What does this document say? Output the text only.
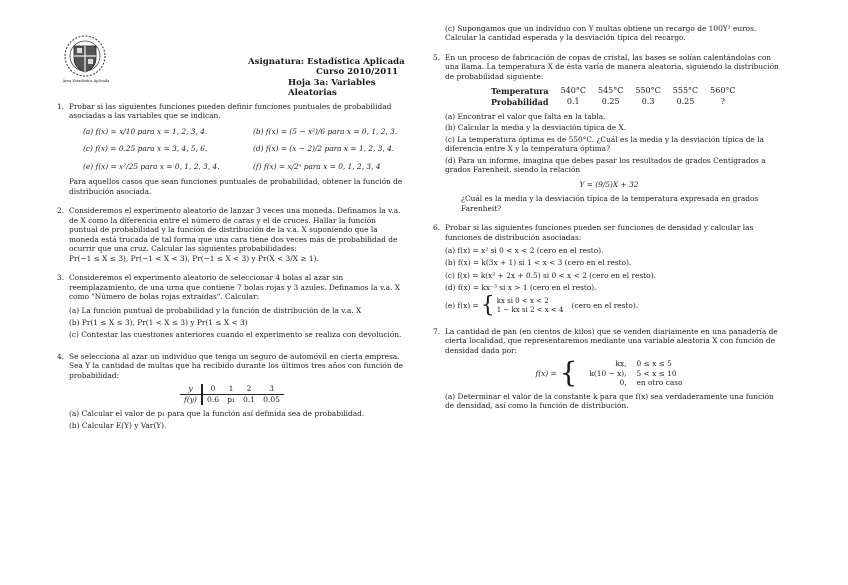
Área Estadística Aplicada

Asignatura: Estadística Aplicada

Curso 2010/2011

Hoja 3a: Variables Aleatorias

1. Probar si las siguientes funciones pueden definir funciones puntuales de probabilidad asociadas a las variables que se indican.

(a) f(x) = x/10 para x = 1, 2, 3, 4.	(b) f(x) = (5 − x²)/6 para x = 0, 1, 2, 3.
(c) f(x) = 0.25 para x = 3, 4, 5, 6.	(d) f(x) = (x − 2)/2 para x = 1, 2, 3, 4.
(e) f(x) = x²/25 para x = 0, 1, 2, 3, 4.	(f) f(x) = x/2ˣ para x = 0, 1, 2, 3, 4

Para aquellos casos que sean funciones puntuales de probabilidad, obtener la función de distribución asociada.

2. Consideremos el experimento aleatorio de lanzar 3 veces una moneda. Definamos la v.a. de X como la diferencia entre el número de caras y el de cruces. Hallar la función puntual de probabilidad y la función de distribución de la v.a. X suponiendo que la moneda está trucada de tal forma que una cara tiene dos veces más de probabilidad de ocurrir que una cruz. Calcular las siguientes probabilidades:

Pr(−1 ≤ X ≤ 3), Pr(−1 < X < 3), Pr(−1 ≤ X < 3) y Pr(X < 3/X ≥ 1).

3. Consideremos el experimento aleatorio de seleccionar 4 bolas al azar sin reemplazamiento, de una urna que contiene 7 bolas rojas y 3 azules. Definamos la v.a. X como "Número de bolas rojas extraídas". Calcular:

(a) La función puntual de probabilidad y la función de distribución de la v.a. X

(b) Pr(1 ≤ X ≤ 3), Pr(1 < X ≤ 3) y Pr(1 ≤ X < 3)

(c) Contestar las cuestiones anteriores cuando el experimento se realiza con devolución.

4. Se selecciona al azar un individuo que tenga un seguro de automóvil en cierta empresa. Sea Y la cantidad de multas que ha recibido durante los últimos tres años con función de probabilidad:

y	0	1	2	3
f(y)	0.6	p₁	0.1	0.05

(a) Calcular el valor de p₁ para que la función así definida sea de probabilidad.

(b) Calcular E(Y) y Var(Y).

(c) Supongamos que un individuo con Y multas obtiene un recargo de 100Y² euros. Calcular la cantidad esperada y la desviación típica del recargo.

5. En un proceso de fabricación de copas de cristal, las bases se solían calentándolas con una llama. La temperatura X de ésta varía de manera aleatoria, siguiendo la distribución de probabilidad siguiente:

Temperatura	540°C	545°C	550°C	555°C	560°C
Probabilidad	0.1	0.25	0.3	0.25	?

(a) Encontrar el valor que falta en la tabla.

(b) Calcular la media y la desviación típica de X.

(c) La temperatura óptima es de 550°C. ¿Cuál es la media y la desviación típica de la diferencia entre X y la temperatura óptima?

(d) Para un informe, imagina que debes pasar los resultados de grados Centígrados a grados Farenheit, siendo la relación

Y = (9/5)X + 32

¿Cuál es la media y la desviación típica de la temperatura expresada en grados Farenheit?

6. Probar si las siguientes funciones pueden ser funciones de densidad y calcular las funciones de distribución asociadas:

(a) f(x) = x² si 0 < x < 2 (cero en el resto).

(b) f(x) = k(3x + 1) si 1 < x < 3 (cero en el resto).

(c) f(x) = k(x² + 2x + 0.5) si 0 < x < 2 (cero en el resto).

(d) f(x) = kx⁻³ si x > 1 (cero en el resto).

(e) f(x) = { kx si 0 < x < 2
1 − kx si 2 < x < 4 (cero en el resto).
7. La cantidad de pan (en cientos de kilos) que se venden diariamente en una panadería de cierta localidad, que representaremos mediante una variable aleatoria X con función de densidad dada por:

f(x) = {	kx, 0 ≤ x ≤ 5
k(10 − x), 5 < x ≤ 10
0, en otro caso

(a) Determinar el valor de la constante k para que f(x) sea verdaderamente una función de densidad, así como la función de distribución.
